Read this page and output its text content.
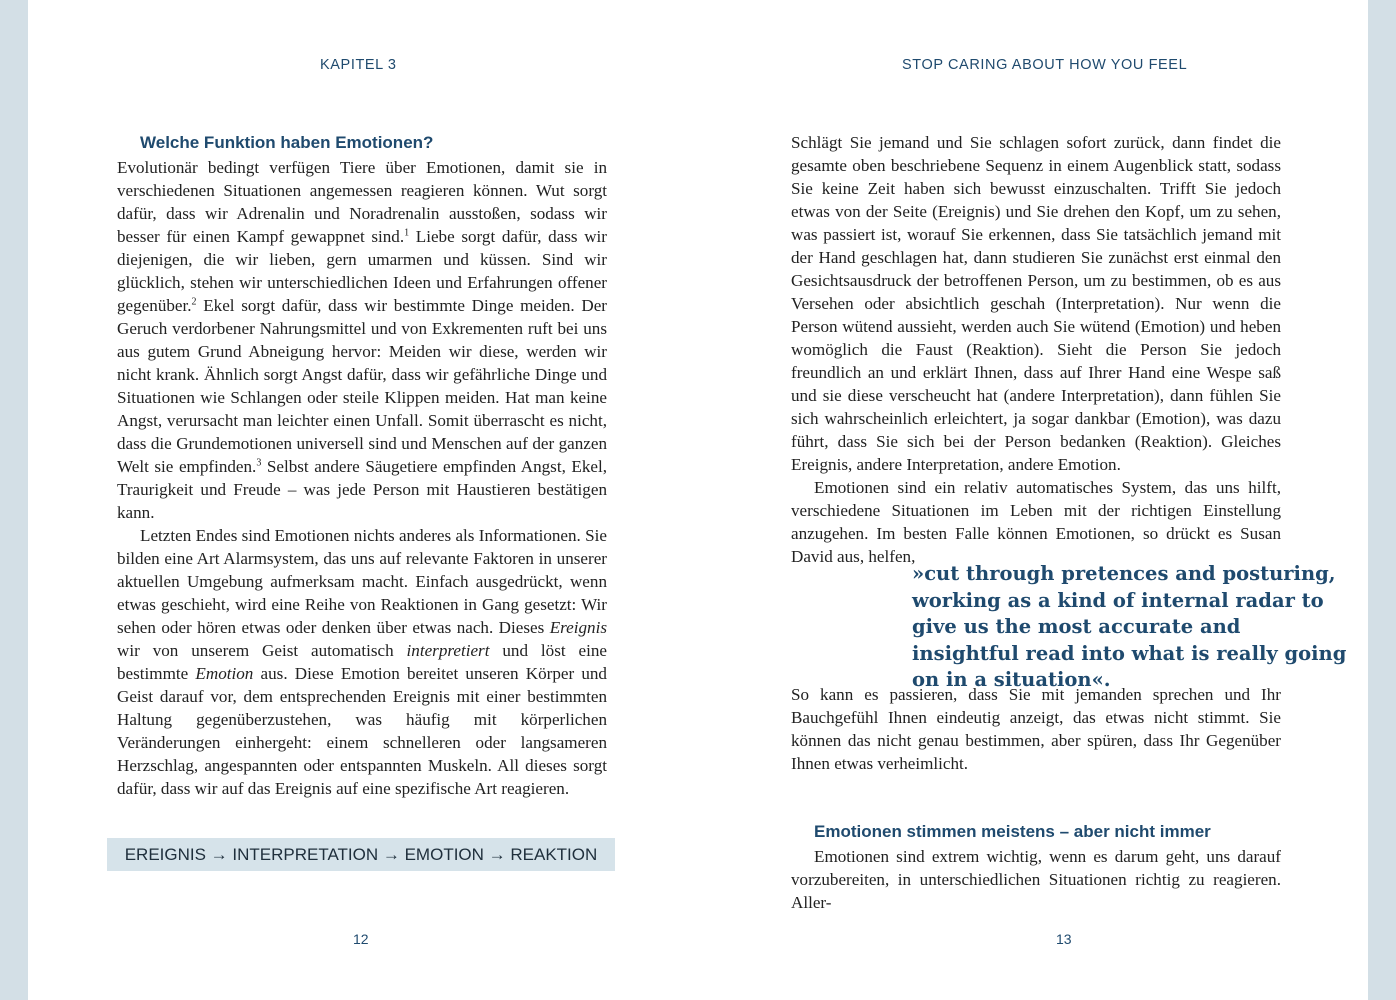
KAPITEL 3
Welche Funktion haben Emotionen?

Evolutionär bedingt verfügen Tiere über Emotionen, damit sie in verschiedenen Situationen angemessen reagieren können. Wut sorgt dafür, dass wir Adrenalin und Noradrenalin ausstoßen, sodass wir besser für einen Kampf gewappnet sind.$^1$ Liebe sorgt dafür, dass wir diejenigen, die wir lieben, gern umarmen und küssen. Sind wir glücklich, stehen wir unterschiedlichen Ideen und Erfahrungen offener gegenüber.$^2$ Ekel sorgt dafür, dass wir bestimmte Dinge meiden. Der Geruch verdorbener Nahrungsmittel und von Exkrementen ruft bei uns aus gutem Grund Abneigung hervor: Meiden wir diese, werden wir nicht krank. Ähnlich sorgt Angst dafür, dass wir gefährliche Dinge und Situationen wie Schlangen oder steile Klippen meiden. Hat man keine Angst, verursacht man leichter einen Unfall. Somit überrascht es nicht, dass die Grundemotionen universell sind und Menschen auf der ganzen Welt sie empfinden.$^3$ Selbst andere Säugetiere empfinden Angst, Ekel, Traurigkeit und Freude – was jede Person mit Haustieren bestätigen kann.

Letzten Endes sind Emotionen nichts anderes als Informationen. Sie bilden eine Art Alarmsystem, das uns auf relevante Faktoren in unserer aktuellen Umgebung aufmerksam macht. Einfach ausgedrückt, wenn etwas geschieht, wird eine Reihe von Reaktionen in Gang gesetzt: Wir sehen oder hören etwas oder denken über etwas nach. Dieses Ereignis wir von unserem Geist automatisch interpretiert und löst eine bestimmte Emotion aus. Diese Emotion bereitet unseren Körper und Geist darauf vor, dem entsprechenden Ereignis mit einer bestimmten Haltung gegenüberzustehen, was häufig mit körperlichen Veränderungen einhergeht: einem schnelleren oder langsameren Herzschlag, angespannten oder entspannten Muskeln. All dieses sorgt dafür, dass wir auf das Ereignis auf eine spezifische Art reagieren.

EREIGNIS → INTERPRETATION → EMOTION → REAKTION
12
STOP CARING ABOUT HOW YOU FEEL

Schlägt Sie jemand und Sie schlagen sofort zurück, dann findet die gesamte oben beschriebene Sequenz in einem Augenblick statt, sodass Sie keine Zeit haben sich bewusst einzuschalten. Trifft Sie jedoch etwas von der Seite (Ereignis) und Sie drehen den Kopf, um zu sehen, was passiert ist, worauf Sie erkennen, dass Sie tatsächlich jemand mit der Hand geschlagen hat, dann studieren Sie zunächst erst einmal den Gesichtsausdruck der betroffenen Person, um zu bestimmen, ob es aus Versehen oder absichtlich geschah (Interpretation). Nur wenn die Person wütend aussieht, werden auch Sie wütend (Emotion) und heben womöglich die Faust (Reaktion). Sieht die Person Sie jedoch freundlich an und erklärt Ihnen, dass auf Ihrer Hand eine Wespe saß und sie diese verscheucht hat (andere Interpretation), dann fühlen Sie sich wahrscheinlich erleichtert, ja sogar dankbar (Emotion), was dazu führt, dass Sie sich bei der Person bedanken (Reaktion). Gleiches Ereignis, andere Interpretation, andere Emotion.

Emotionen sind ein relativ automatisches System, das uns hilft, verschiedene Situationen im Leben mit der richtigen Einstellung anzugehen. Im besten Falle können Emotionen, so drückt es Susan David aus, helfen,

»cut through pretences and posturing, working as a kind of internal radar to give us the most accurate and insightful read into what is really going on in a situation«.

So kann es passieren, dass Sie mit jemanden sprechen und Ihr Bauchgefühl Ihnen eindeutig anzeigt, das etwas nicht stimmt. Sie können das nicht genau bestimmen, aber spüren, dass Ihr Gegenüber Ihnen etwas verheimlicht.

Emotionen stimmen meistens – aber nicht immer

Emotionen sind extrem wichtig, wenn es darum geht, uns darauf vorzubereiten, in unterschiedlichen Situationen richtig zu reagieren. Aller-

13
